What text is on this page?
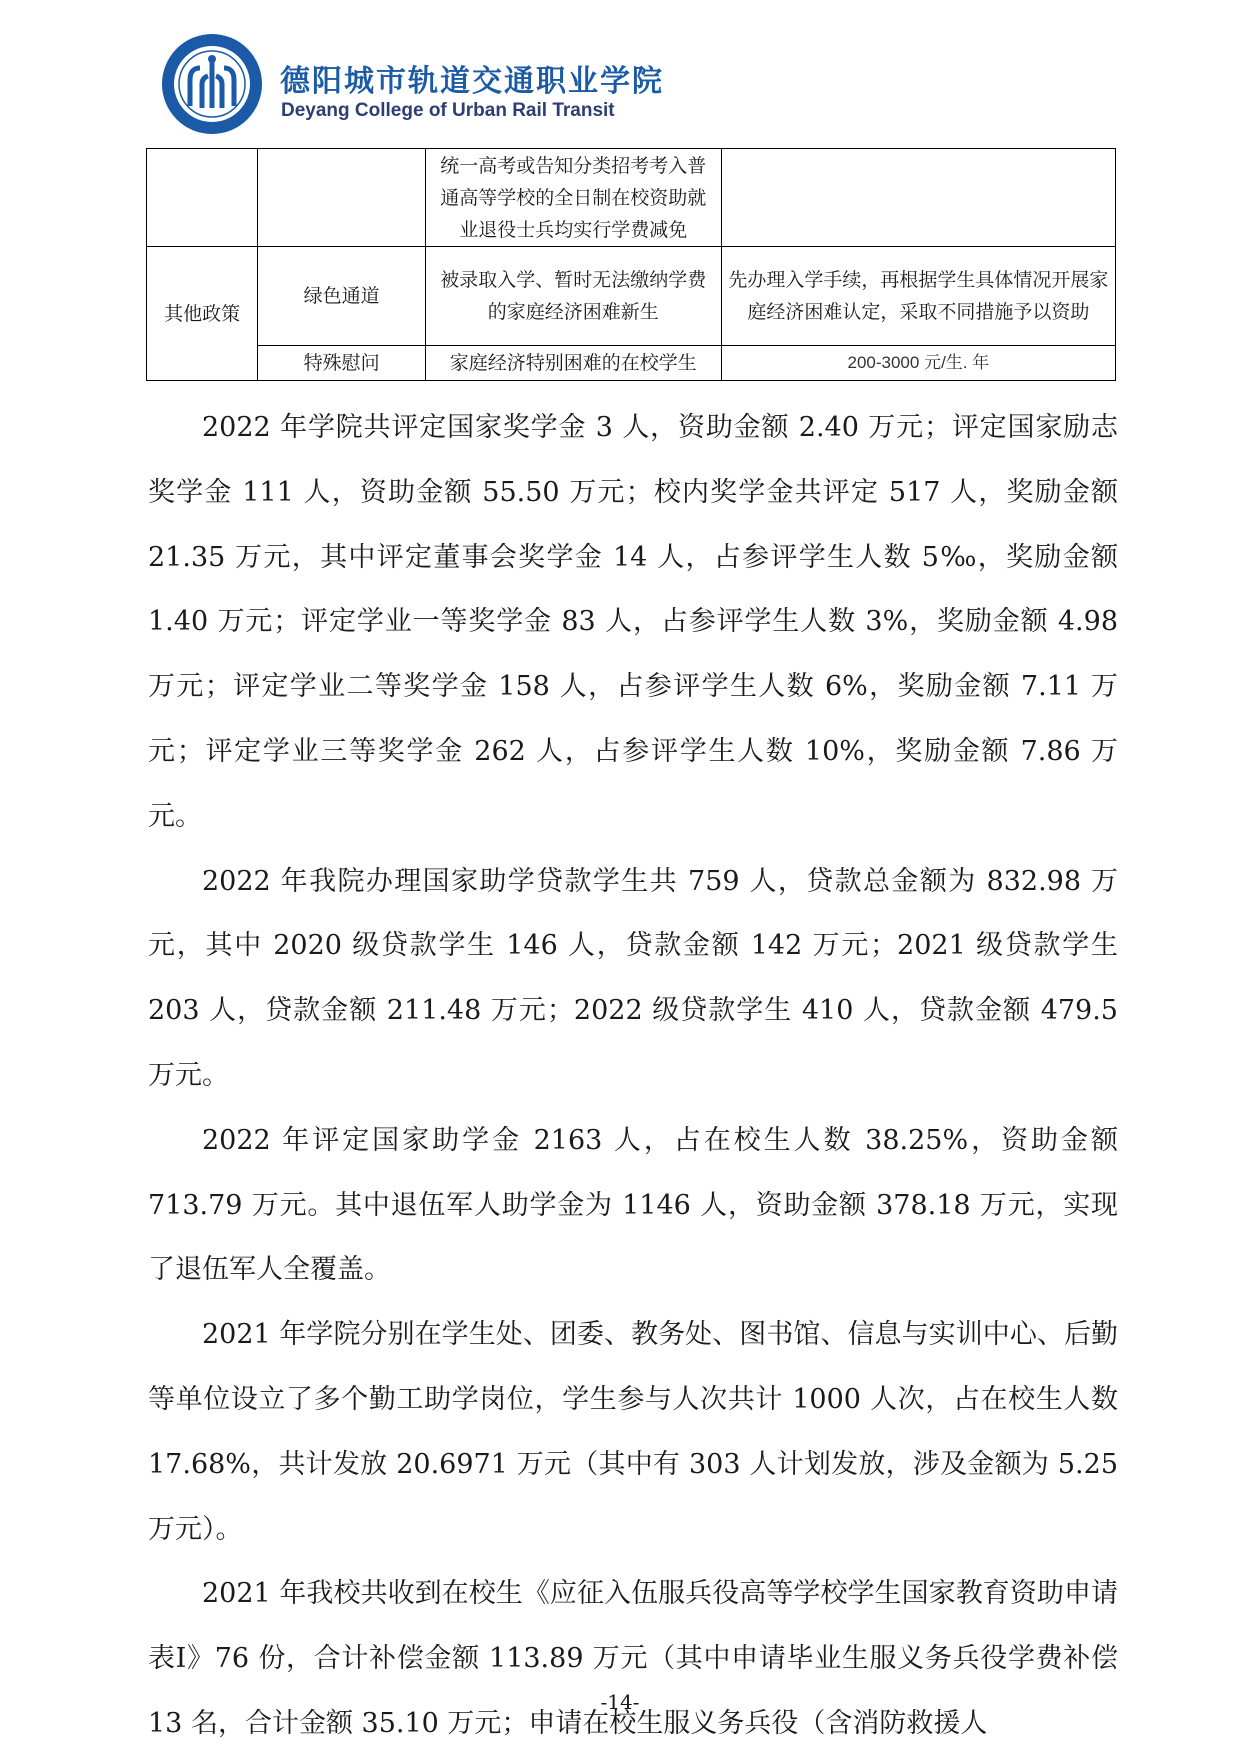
德阳城市轨道交通职业学院
Deyang College of Urban Rail Transit
		统一高考或告知分类招考考入普通高等学校的全日制在校资助就业退役士兵均实行学费减免	
其他政策	绿色通道	被录取入学、暂时无法缴纳学费的家庭经济困难新生	先办理入学手续，再根据学生具体情况开展家庭经济困难认定，采取不同措施予以资助
	特殊慰问	家庭经济特别困难的在校学生	200-3000 元/生. 年

2022 年学院共评定国家奖学金 3 人，资助金额 2.40 万元；评定国家励志奖学金 111 人，资助金额 55.50 万元；校内奖学金共评定 517 人，奖励金额 21.35 万元，其中评定董事会奖学金 14 人，占参评学生人数 5‰，奖励金额 1.40 万元；评定学业一等奖学金 83 人，占参评学生人数 3%，奖励金额 4.98 万元；评定学业二等奖学金 158 人，占参评学生人数 6%，奖励金额 7.11 万元；评定学业三等奖学金 262 人，占参评学生人数 10%，奖励金额 7.86 万元。

2022 年我院办理国家助学贷款学生共 759 人，贷款总金额为 832.98 万元，其中 2020 级贷款学生 146 人，贷款金额 142 万元；2021 级贷款学生 203 人，贷款金额 211.48 万元；2022 级贷款学生 410 人，贷款金额 479.5 万元。

2022 年评定国家助学金 2163 人，占在校生人数 38.25%，资助金额 713.79 万元。其中退伍军人助学金为 1146 人，资助金额 378.18 万元，实现了退伍军人全覆盖。

2021 年学院分别在学生处、团委、教务处、图书馆、信息与实训中心、后勤等单位设立了多个勤工助学岗位，学生参与人次共计 1000 人次，占在校生人数 17.68%，共计发放 20.6971 万元（其中有 303 人计划发放，涉及金额为 5.25 万元）。

2021 年我校共收到在校生《应征入伍服兵役高等学校学生国家教育资助申请表Ⅰ》76 份，合计补偿金额 113.89 万元（其中申请毕业生服义务兵役学费补偿 13 名，合计金额 35.10 万元；申请在校生服义务兵役（含消防救援人

-14-
